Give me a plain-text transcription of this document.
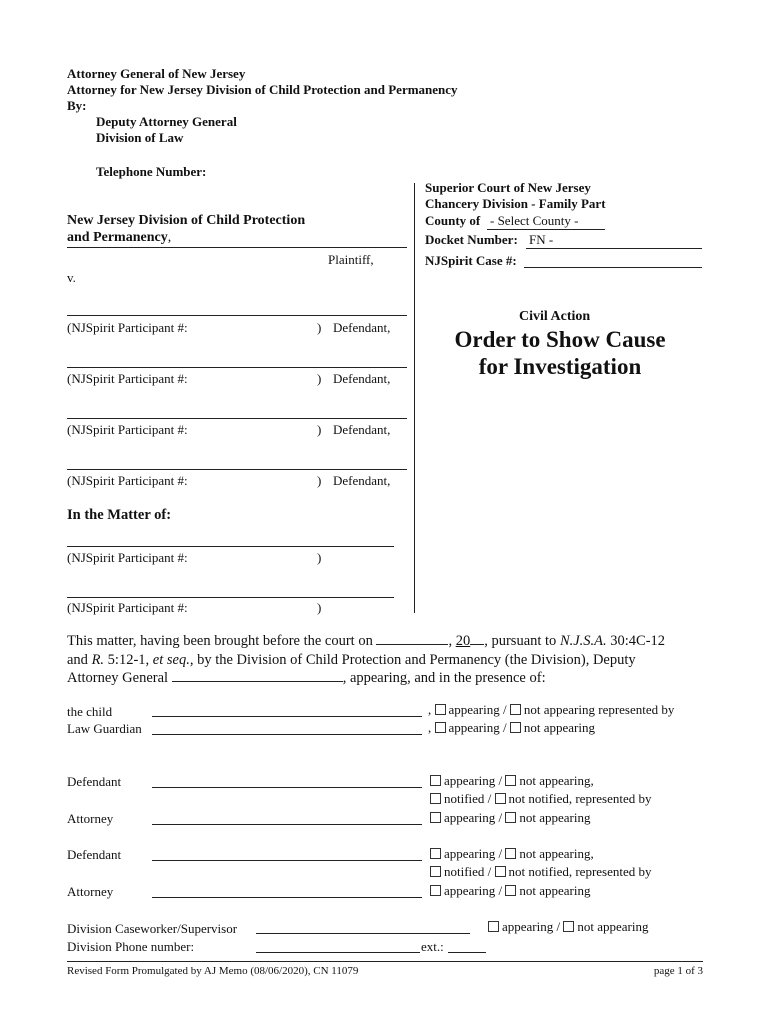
Attorney General of New Jersey
Attorney for New Jersey Division of Child Protection and Permanency
By:
Deputy Attorney General
Division of Law
Telephone Number:
Superior Court of New Jersey
Chancery Division - Family Part
County of - Select County -
Docket Number: FN -
NJSpirit Case #:
New Jersey Division of Child Protection
and Permanency,
Plaintiff,
v.
(NJSpirit Participant #:	) Defendant,
(NJSpirit Participant #:	) Defendant,
(NJSpirit Participant #:	) Defendant,
(NJSpirit Participant #:	) Defendant,
In the Matter of:
(NJSpirit Participant #:	)
(NJSpirit Participant #:	)
Civil Action
Order to Show Cause
for Investigation
This matter, having been brought before the court on	, 20 , pursuant to N.J.S.A. 30:4C-12
and R. 5:12-1, et seq., by the Division of Child Protection and Permanency (the Division), Deputy
Attorney General	, appearing, and in the presence of:
the child	, appearing / not appearing represented by
Law Guardian	, appearing / not appearing
Defendant	appearing / not appearing,
notified / not notified, represented by
Attorney	appearing / not appearing
Defendant	appearing / not appearing,
notified / not notified, represented by
Attorney	appearing / not appearing
Division Caseworker/Supervisor	appearing / not appearing
Division Phone number:	ext.:
Revised Form Promulgated by AJ Memo (08/06/2020), CN 11079	page 1 of 3
